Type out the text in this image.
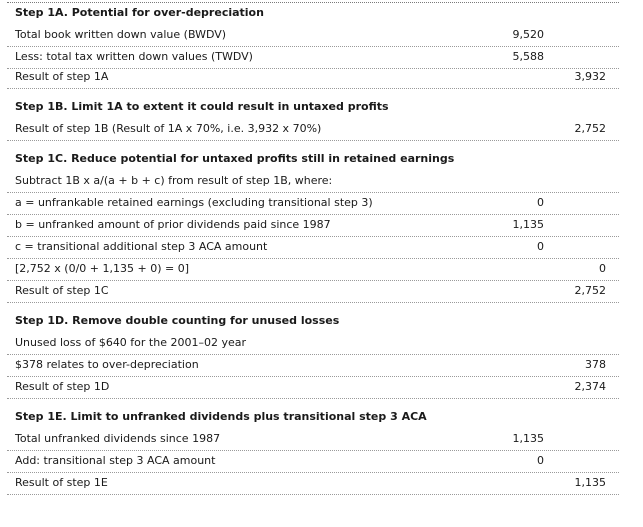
Step 1A. Potential for over-depreciation
Total book written down value (BWDV)	9,520
Less: total tax written down values (TWDV)	5,588
Result of step 1A	3,932
Step 1B. Limit 1A to extent it could result in untaxed profits
Result of step 1B (Result of 1A x 70%, i.e. 3,932 x 70%)	2,752
Step 1C. Reduce potential for untaxed profits still in retained earnings
Subtract 1B x a/(a + b + c) from result of step 1B, where:
a = unfrankable retained earnings (excluding transitional step 3)	0
b = unfranked amount of prior dividends paid since 1987	1,135
c = transitional additional step 3 ACA amount	0
[2,752 x (0/0 + 1,135 + 0) = 0]	0
Result of step 1C	2,752
Step 1D. Remove double counting for unused losses
Unused loss of $640 for the 2001–02 year
$378 relates to over-depreciation	378
Result of step 1D	2,374
Step 1E. Limit to unfranked dividends plus transitional step 3 ACA
Total unfranked dividends since 1987	1,135
Add: transitional step 3 ACA amount	0
Result of step 1E	1,135
